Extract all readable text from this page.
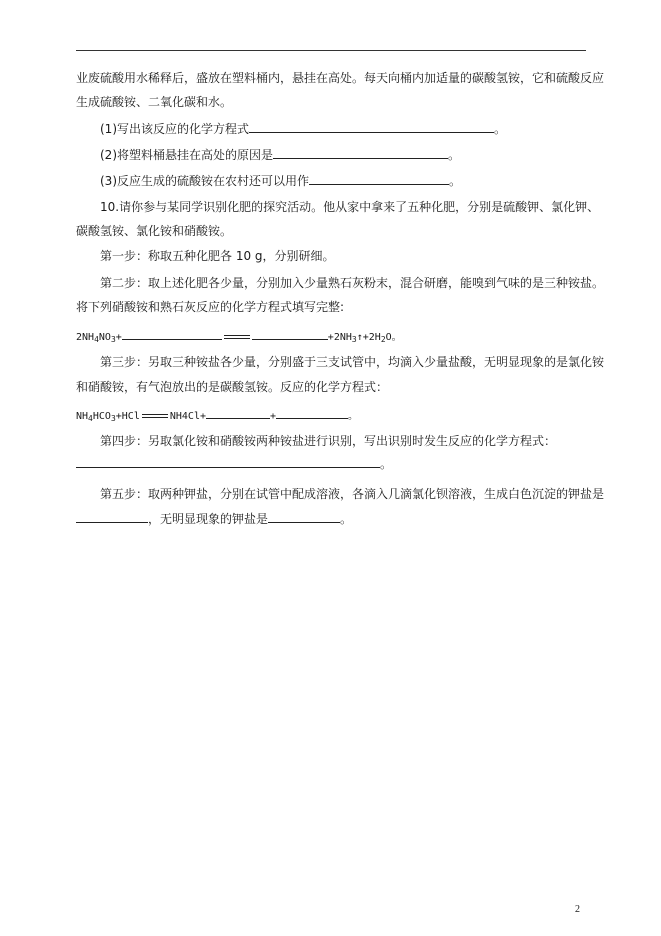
业废硫酸用水稀释后，盛放在塑料桶内，悬挂在高处。每天向桶内加适量的碳酸氢铵，它和硫酸反应
生成硫酸铵、二氧化碳和水。
(1)写出该反应的化学方程式	。
(2)将塑料桶悬挂在高处的原因是	。
(3)反应生成的硫酸铵在农村还可以用作	。
10.请你参与某同学识别化肥的探究活动。他从家中拿来了五种化肥，分别是硫酸钾、氯化钾、
碳酸氢铵、氯化铵和硝酸铵。
第一步：称取五种化肥各 10 g，分别研细。
第二步：取上述化肥各少量，分别加入少量熟石灰粉末，混合研磨，能嗅到气味的是三种铵盐。
将下列硝酸铵和熟石灰反应的化学方程式填写完整:
$2NH_4NO_3+$	$+2NH_3↑+2H_2O$。
第三步：另取三种铵盐各少量，分别盛于三支试管中，均滴入少量盐酸，无明显现象的是氯化铵
和硝酸铵，有气泡放出的是碳酸氢铵。反应的化学方程式：
$NH_4HCO_3+HCl$	NH4Cl+	+	。
第四步：另取氯化铵和硝酸铵两种铵盐进行识别，写出识别时发生反应的化学方程式：
。
第五步：取两种钾盐，分别在试管中配成溶液，各滴入几滴氯化钡溶液，生成白色沉淀的钾盐是
，无明显现象的钾盐是	。
2
